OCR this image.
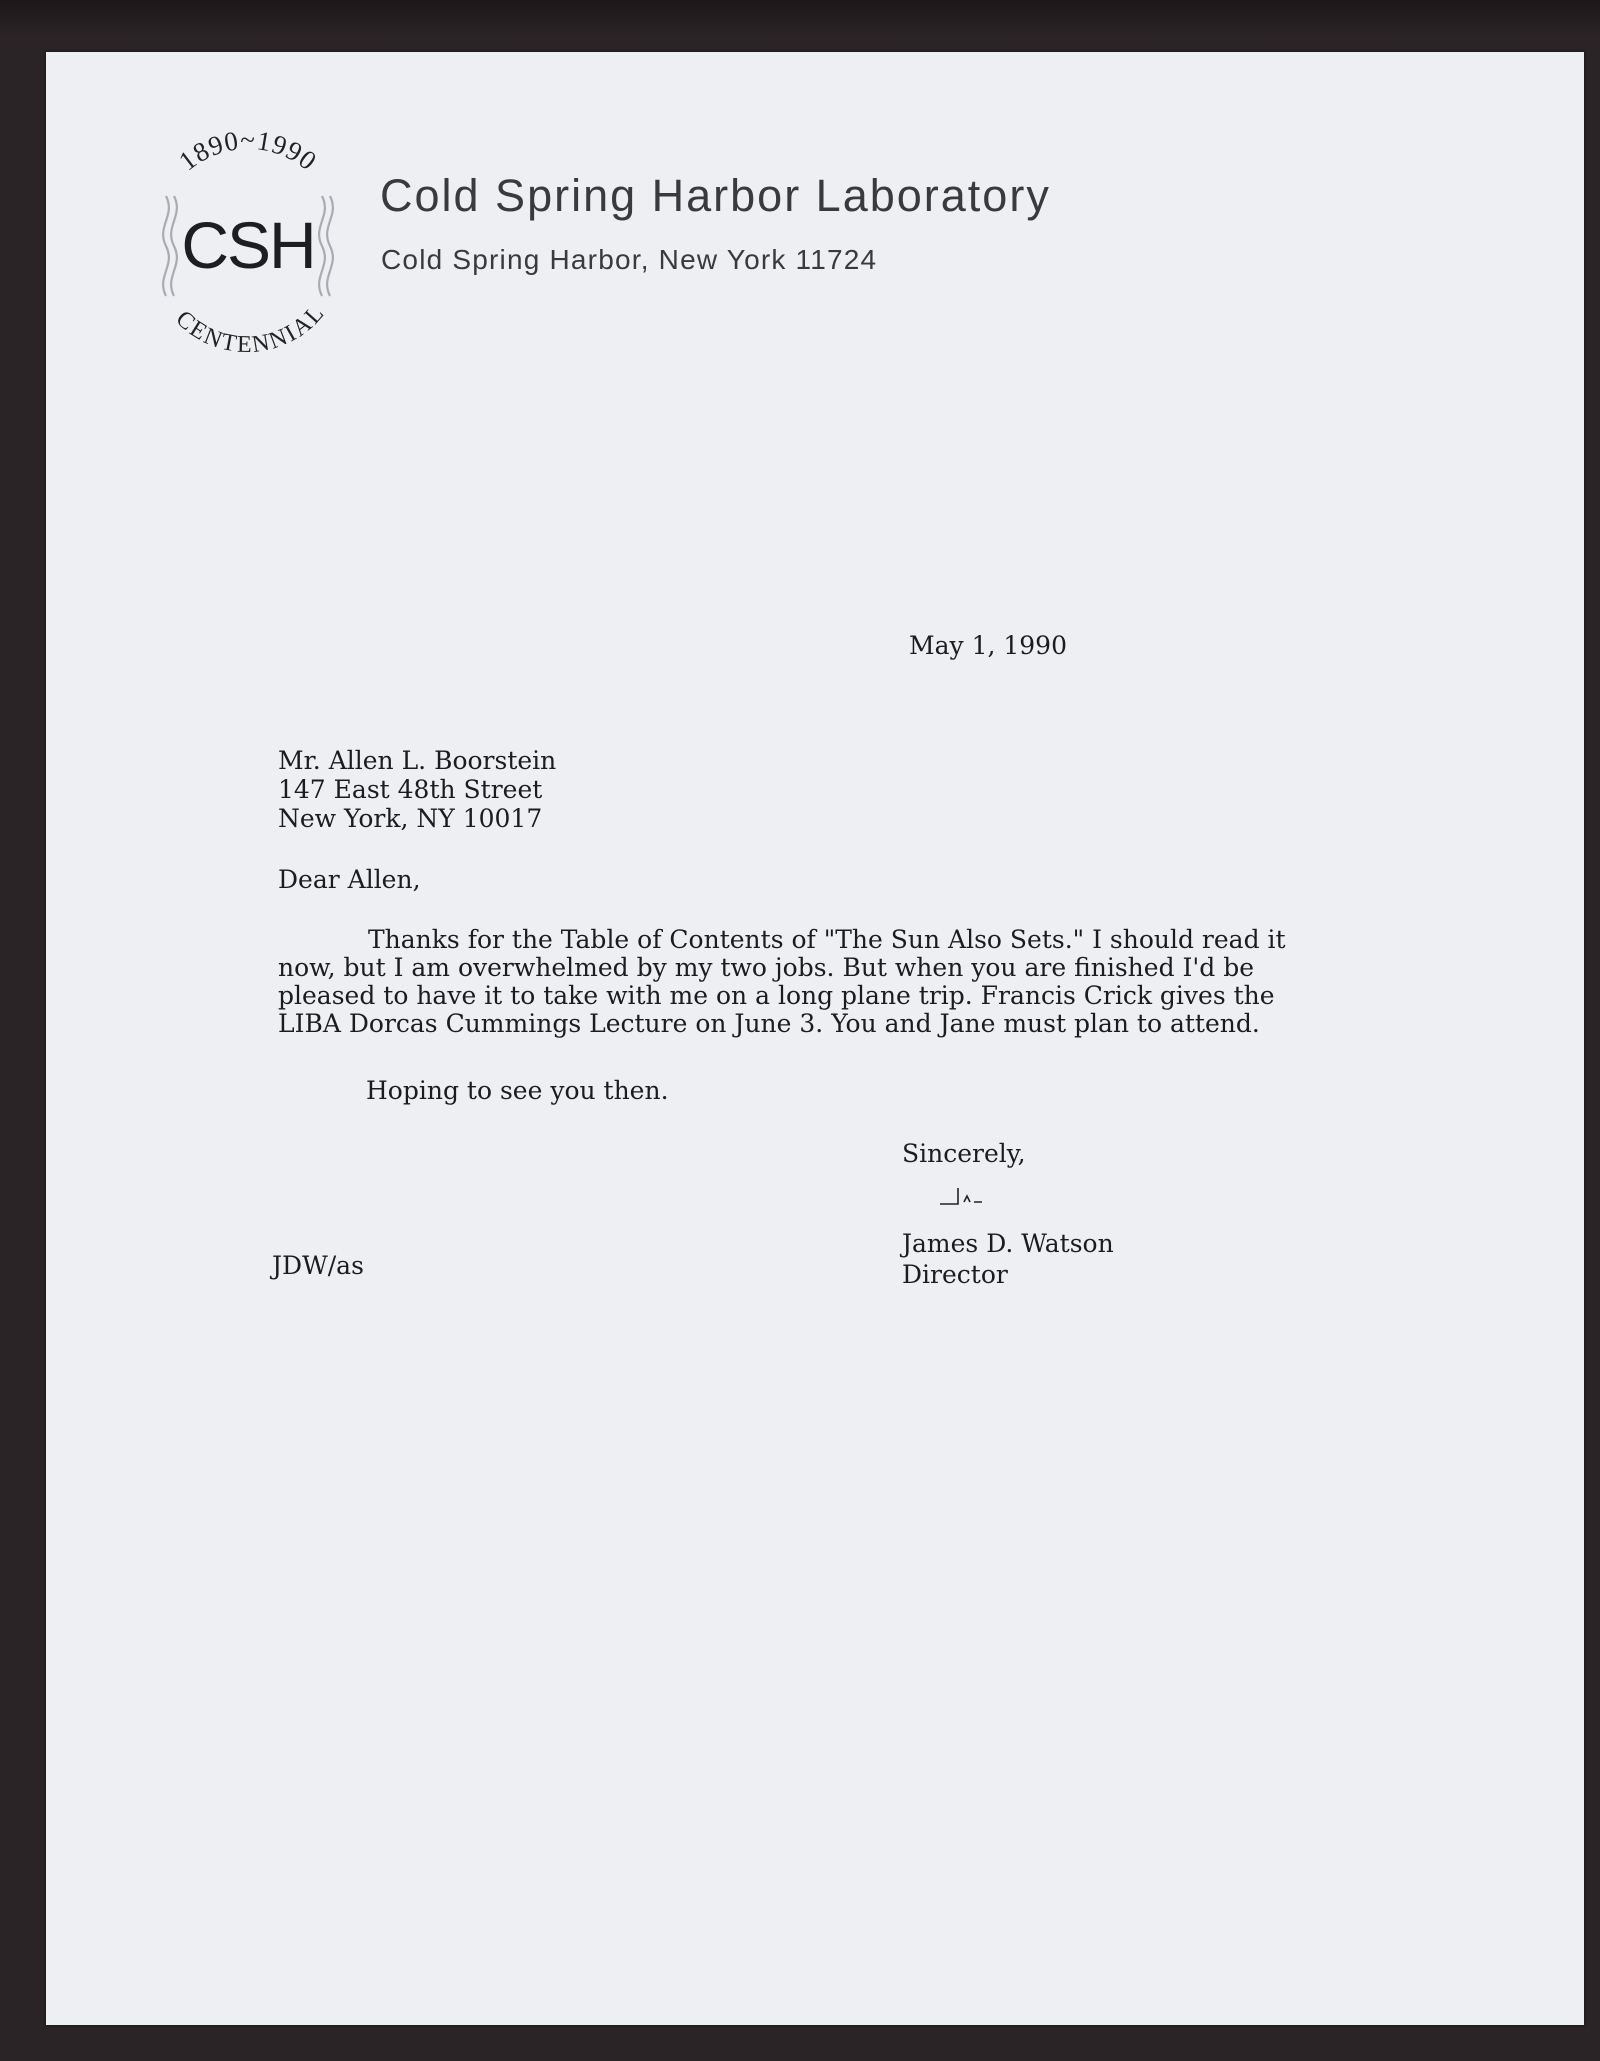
1890~1990
CSH
CENTENNIAL
Cold Spring Harbor Laboratory
Cold Spring Harbor, New York 11724
May 1, 1990
Mr. Allen L. Boorstein
147 East 48th Street
New York, NY 10017
Dear Allen,
Thanks for the Table of Contents of "The Sun Also Sets." I should read it
now, but I am overwhelmed by my two jobs. But when you are finished I'd be
pleased to have it to take with me on a long plane trip. Francis Crick gives the
LIBA Dorcas Cummings Lecture on June 3. You and Jane must plan to attend.
Hoping to see you then.
Sincerely,
James D. Watson
Director
JDW/as
